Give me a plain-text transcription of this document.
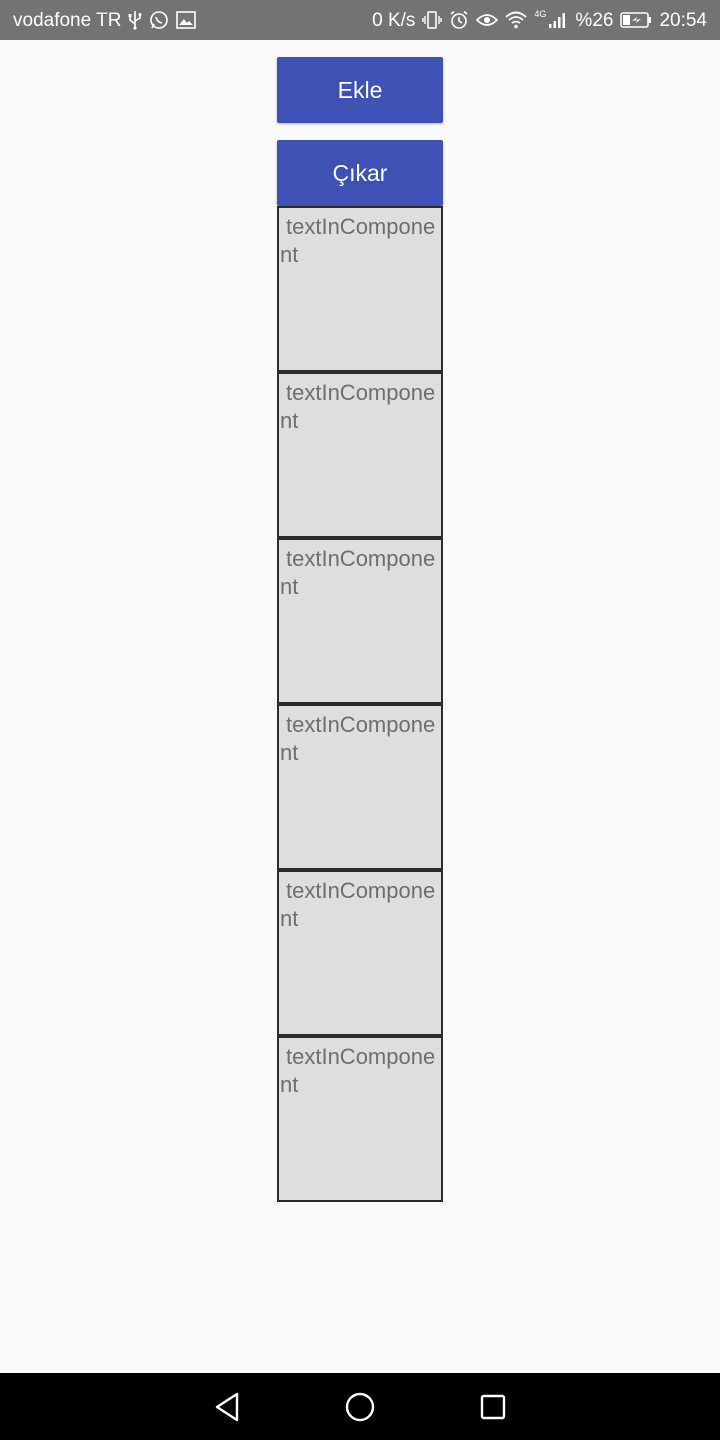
vodafone TR	0 K/s	4G %26 20:54
Ekle
Çıkar
textInComponent
textInComponent
textInComponent
textInComponent
textInComponent
textInComponent
